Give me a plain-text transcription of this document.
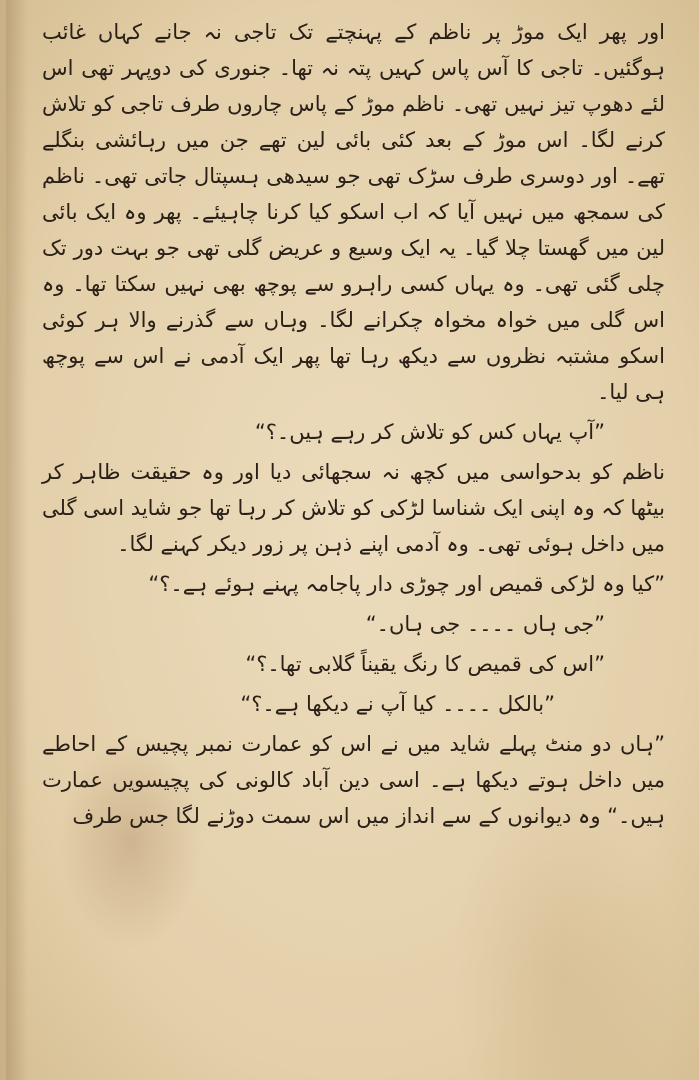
اور پھر ایک موڑ پر ناظم کے پہنچتے تک تاجی نہ جانے کہاں غائب ہوگئیں۔ تاجی کا آس پاس کہیں پتہ نہ تھا۔ جنوری کی دوپہر تھی اس لئے دھوپ تیز نہیں تھی۔ ناظم موڑ کے پاس چاروں طرف تاجی کو تلاش کرنے لگا۔ اس موڑ کے بعد کئی بائی لین تھے جن میں رہائشی بنگلے تھے۔ اور دوسری طرف سڑک تھی جو سیدھی ہسپتال جاتی تھی۔ ناظم کی سمجھ میں نہیں آیا کہ اب اسکو کیا کرنا چاہیئے۔ پھر وہ ایک بائی لین میں گھستا چلا گیا۔ یہ ایک وسیع و عریض گلی تھی جو بہت دور تک چلی گئی تھی۔ وہ یہاں کسی راہرو سے پوچھ بھی نہیں سکتا تھا۔ وہ اس گلی میں خواہ مخواہ چکرانے لگا۔ وہاں سے گذرنے والا ہر کوئی اسکو مشتبہ نظروں سے دیکھ رہا تھا پھر ایک آدمی نے اس سے پوچھ ہی لیا۔

”آپ یہاں کس کو تلاش کر رہے ہیں۔؟“

ناظم کو بدحواسی میں کچھ نہ سجھائی دیا اور وہ حقیقت ظاہر کر بیٹھا کہ وہ اپنی ایک شناسا لڑکی کو تلاش کر رہا تھا جو شاید اسی گلی میں داخل ہوئی تھی۔ وہ آدمی اپنے ذہن پر زور دیکر کہنے لگا۔

”کیا وہ لڑکی قمیص اور چوڑی دار پاجامہ پہنے ہوئے ہے۔؟“

”جی ہاں ۔۔۔۔ جی ہاں۔“

”اس کی قمیص کا رنگ یقیناً گلابی تھا۔؟“

”بالکل ۔۔۔۔ کیا آپ نے دیکھا ہے۔؟“

”ہاں دو منٹ پہلے شاید میں نے اس کو عمارت نمبر پچیس کے احاطے میں داخل ہوتے دیکھا ہے۔ اسی دین آباد کالونی کی پچیسویں عمارت ہیں۔“ وہ دیوانوں کے سے انداز میں اس سمت دوڑنے لگا جس طرف
